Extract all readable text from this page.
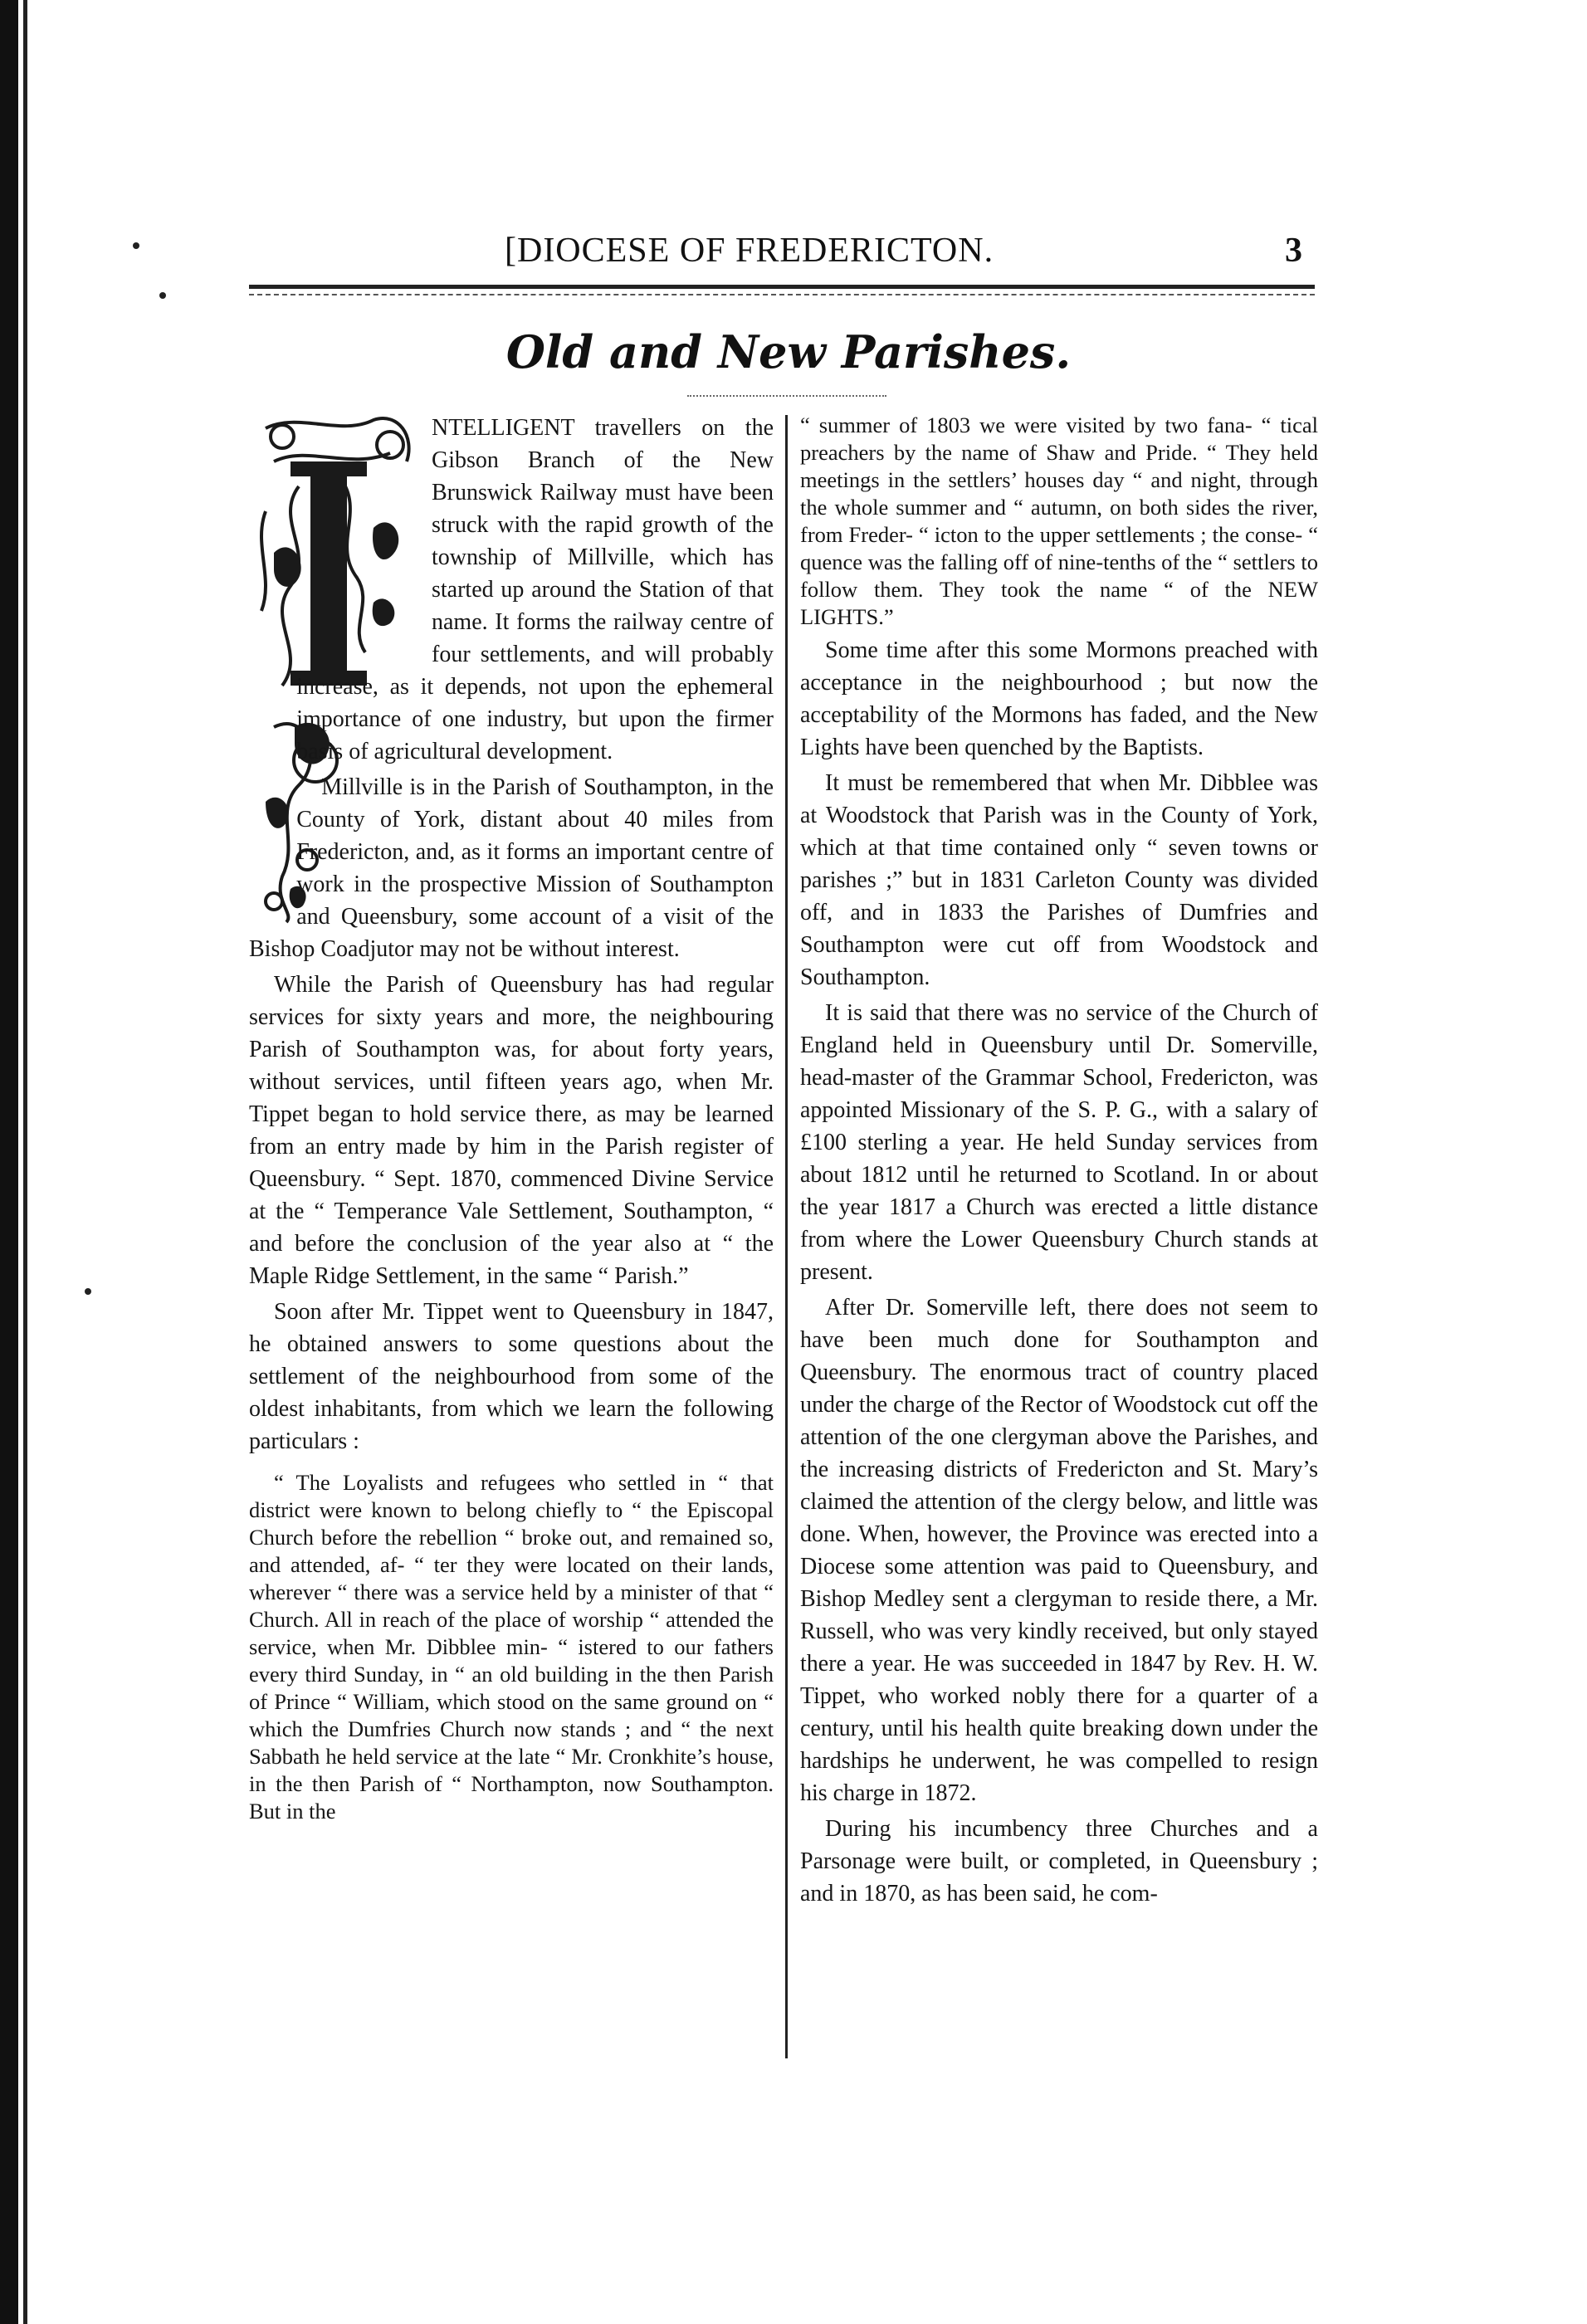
[DIOCESE OF FREDERICTON.	3
Old and New Parishes.

NTELLIGENT travellers on the Gibson Branch of the New Brunswick Railway must have been struck with the rapid growth of the township of Millville, which has started up around the Station of that name. It forms the railway centre of four settlements, and will probably increase, as it depends, not upon the ephemeral importance of one industry, but upon the firmer basis of agricultural development.

Millville is in the Parish of Southampton, in the County of York, distant about 40 miles from Fredericton, and, as it forms an important centre of work in the prospective Mission of Southampton and Queensbury, some account of a visit of the Bishop Coadjutor may not be without interest.

While the Parish of Queensbury has had regular services for sixty years and more, the neighbouring Parish of Southampton was, for about forty years, without services, until fifteen years ago, when Mr. Tippet began to hold service there, as may be learned from an entry made by him in the Parish register of Queensbury. “ Sept. 1870, commenced Divine Service at the “ Temperance Vale Settlement, Southampton, “ and before the conclusion of the year also at “ the Maple Ridge Settlement, in the same “ Parish.”

Soon after Mr. Tippet went to Queensbury in 1847, he obtained answers to some questions about the settlement of the neighbourhood from some of the oldest inhabitants, from which we learn the following particulars :

“ The Loyalists and refugees who settled in “ that district were known to belong chiefly to “ the Episcopal Church before the rebellion “ broke out, and remained so, and attended, af- “ ter they were located on their lands, wherever “ there was a service held by a minister of that “ Church. All in reach of the place of worship “ attended the service, when Mr. Dibblee min- “ istered to our fathers every third Sunday, in “ an old building in the then Parish of Prince “ William, which stood on the same ground on “ which the Dumfries Church now stands ; and “ the next Sabbath he held service at the late “ Mr. Cronkhite’s house, in the then Parish of “ Northampton, now Southampton. But in the

“ summer of 1803 we were visited by two fana- “ tical preachers by the name of Shaw and Pride. “ They held meetings in the settlers’ houses day “ and night, through the whole summer and “ autumn, on both sides the river, from Freder- “ icton to the upper settlements ; the conse- “ quence was the falling off of nine-tenths of the “ settlers to follow them. They took the name “ of the NEW LIGHTS.”

Some time after this some Mormons preached with acceptance in the neighbourhood ; but now the acceptability of the Mormons has faded, and the New Lights have been quenched by the Baptists.

It must be remembered that when Mr. Dibblee was at Woodstock that Parish was in the County of York, which at that time contained only “ seven towns or parishes ;” but in 1831 Carleton County was divided off, and in 1833 the Parishes of Dumfries and Southampton were cut off from Woodstock and Southampton.

It is said that there was no service of the Church of England held in Queensbury until Dr. Somerville, head-master of the Grammar School, Fredericton, was appointed Missionary of the S. P. G., with a salary of £100 sterling a year. He held Sunday services from about 1812 until he returned to Scotland. In or about the year 1817 a Church was erected a little distance from where the Lower Queensbury Church stands at present.

After Dr. Somerville left, there does not seem to have been much done for Southampton and Queensbury. The enormous tract of country placed under the charge of the Rector of Woodstock cut off the attention of the one clergyman above the Parishes, and the increasing districts of Fredericton and St. Mary’s claimed the attention of the clergy below, and little was done. When, however, the Province was erected into a Diocese some attention was paid to Queensbury, and Bishop Medley sent a clergyman to reside there, a Mr. Russell, who was very kindly received, but only stayed there a year. He was succeeded in 1847 by Rev. H. W. Tippet, who worked nobly there for a quarter of a century, until his health quite breaking down under the hardships he underwent, he was compelled to resign his charge in 1872.

During his incumbency three Churches and a Parsonage were built, or completed, in Queensbury ; and in 1870, as has been said, he com-
